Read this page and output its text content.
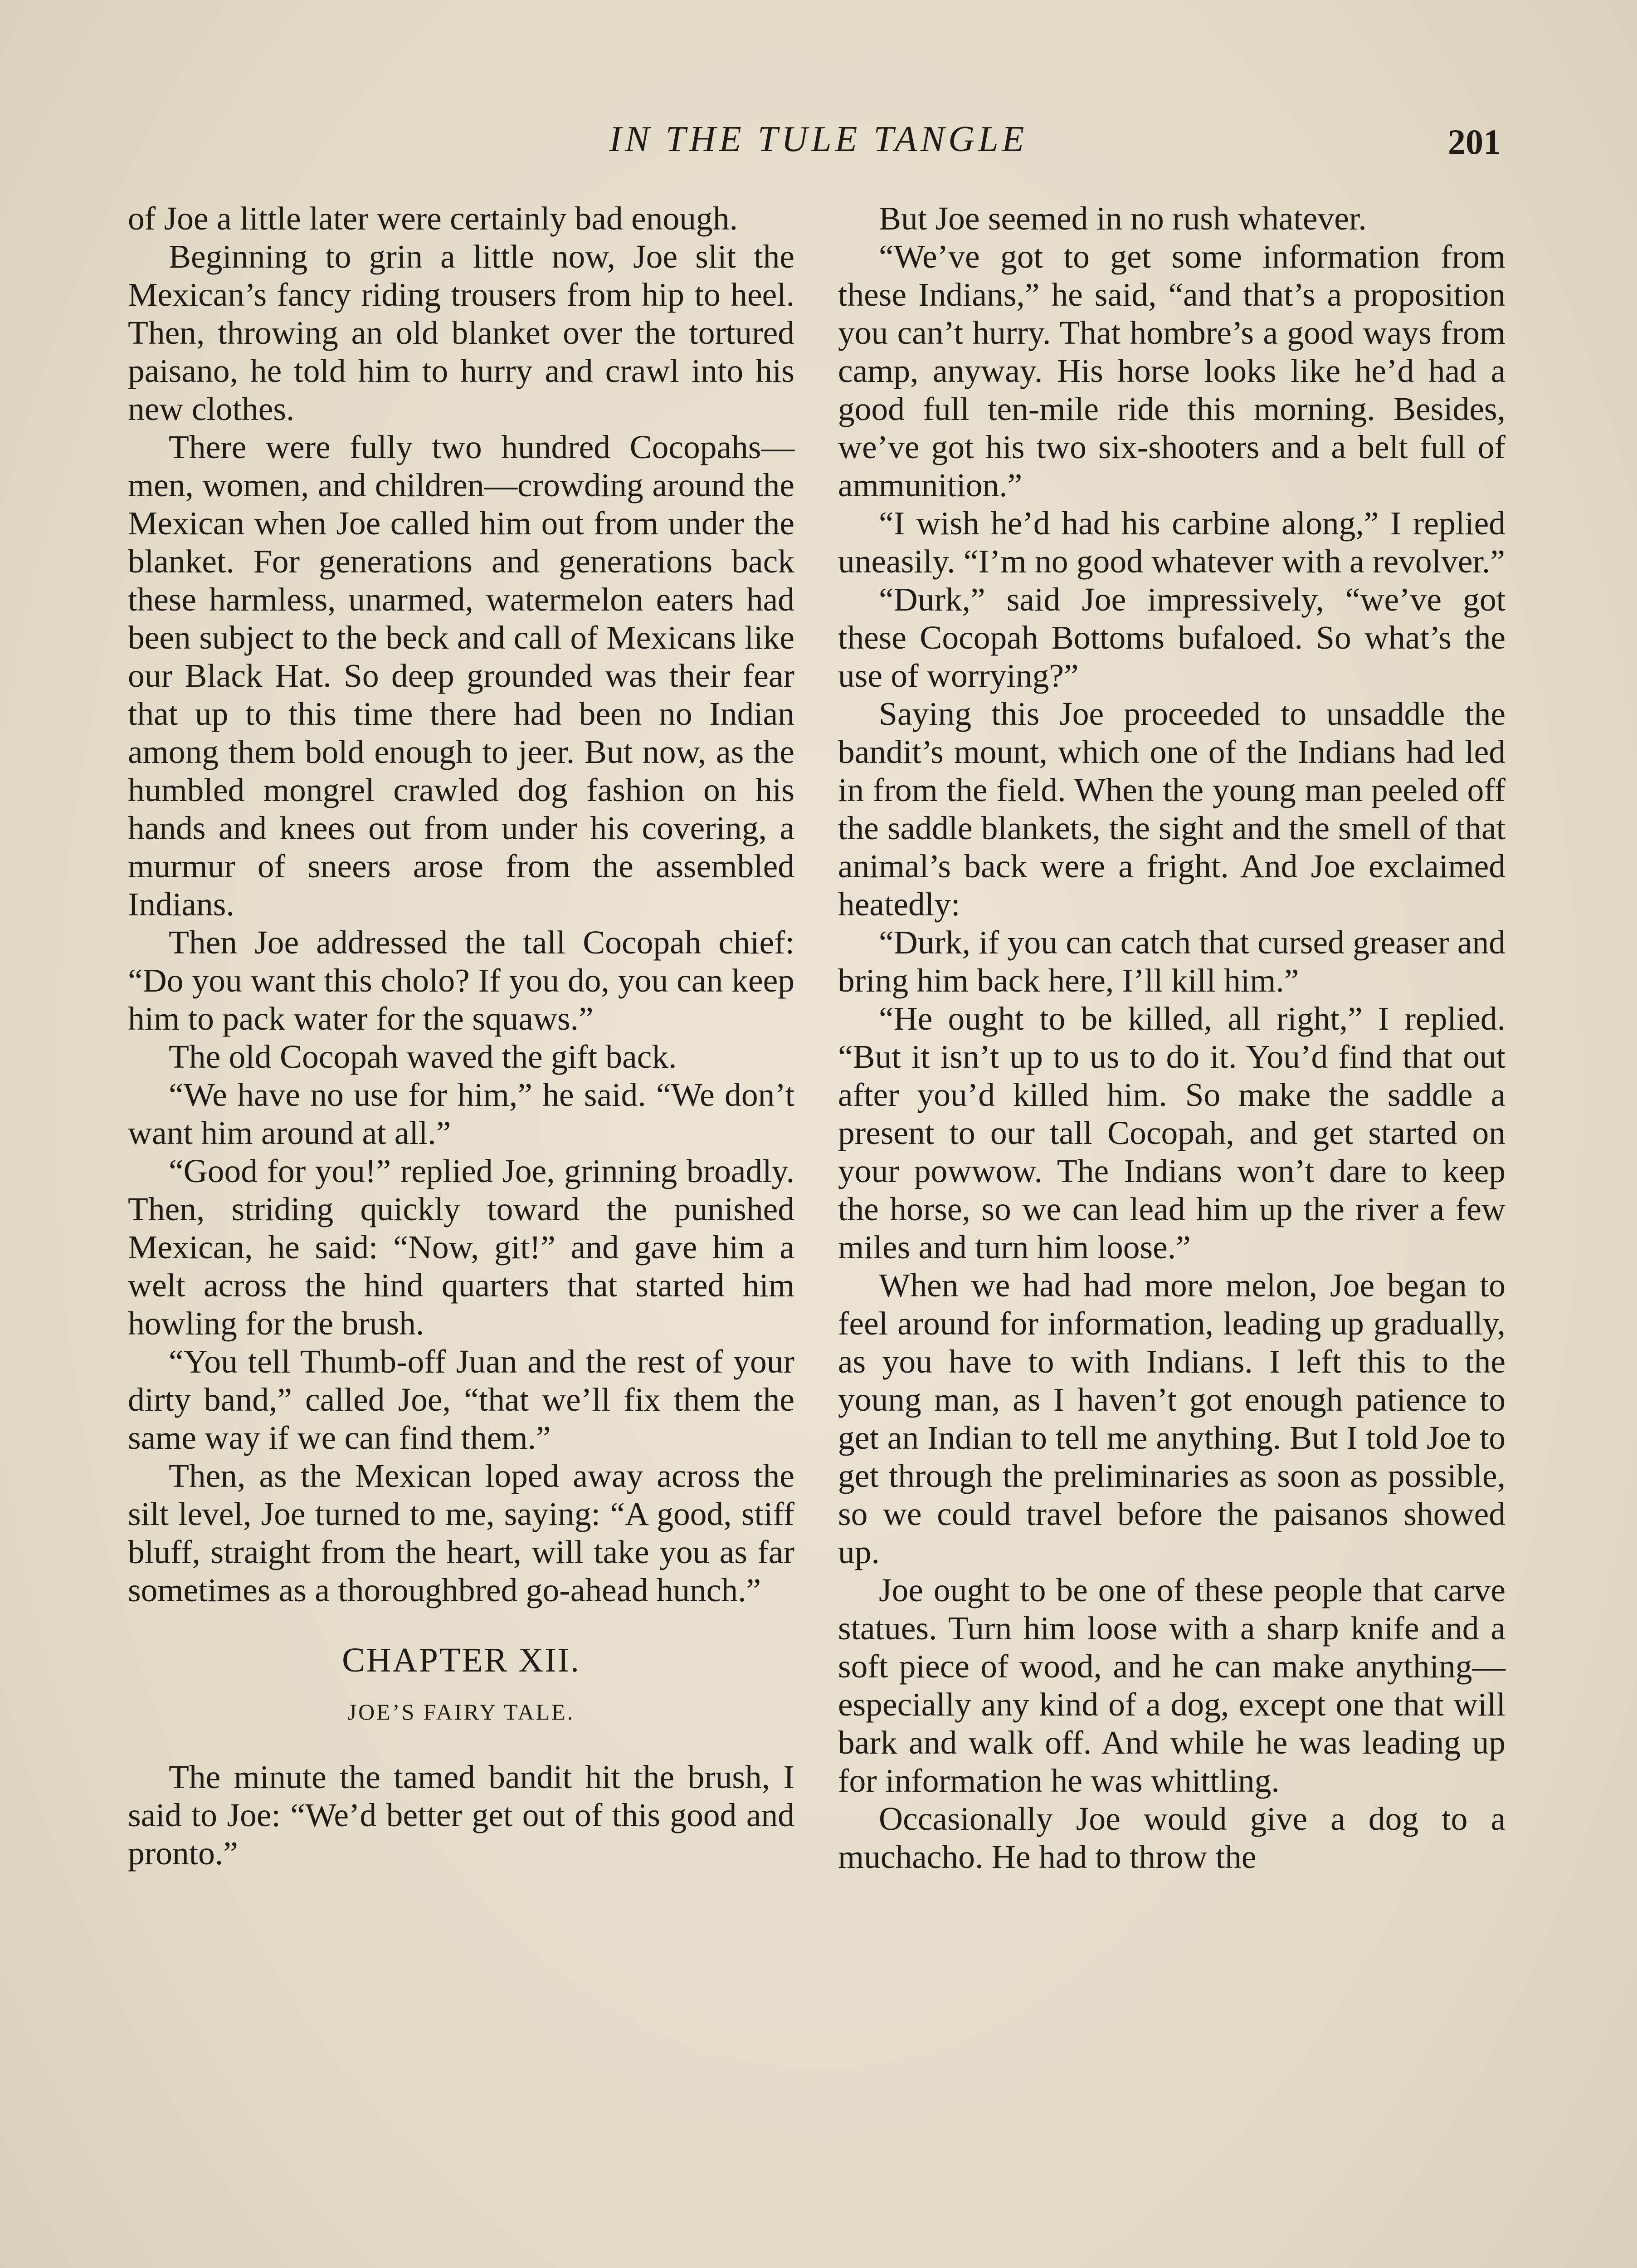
IN THE TULE TANGLE	201

of Joe a little later were certainly bad enough.

Beginning to grin a little now, Joe slit the Mexican’s fancy riding trousers from hip to heel. Then, throwing an old blanket over the tortured paisano, he told him to hurry and crawl into his new clothes.

There were fully two hundred Cocopahs—men, women, and children—crowding around the Mexican when Joe called him out from under the blanket. For generations and generations back these harmless, unarmed, watermelon eaters had been subject to the beck and call of Mexicans like our Black Hat. So deep grounded was their fear that up to this time there had been no Indian among them bold enough to jeer. But now, as the humbled mongrel crawled dog fashion on his hands and knees out from under his covering, a murmur of sneers arose from the assembled Indians.

Then Joe addressed the tall Cocopah chief: “Do you want this cholo? If you do, you can keep him to pack water for the squaws.”

The old Cocopah waved the gift back.

“We have no use for him,” he said. “We don’t want him around at all.”

“Good for you!” replied Joe, grinning broadly. Then, striding quickly toward the punished Mexican, he said: “Now, git!” and gave him a welt across the hind quarters that started him howling for the brush.

“You tell Thumb-off Juan and the rest of your dirty band,” called Joe, “that we’ll fix them the same way if we can find them.”

Then, as the Mexican loped away across the silt level, Joe turned to me, saying: “A good, stiff bluff, straight from the heart, will take you as far sometimes as a thoroughbred go-ahead hunch.”

CHAPTER XII.
JOE’S FAIRY TALE.

The minute the tamed bandit hit the brush, I said to Joe: “We’d better get out of this good and pronto.”

But Joe seemed in no rush whatever.

“We’ve got to get some information from these Indians,” he said, “and that’s a proposition you can’t hurry. That hombre’s a good ways from camp, anyway. His horse looks like he’d had a good full ten-mile ride this morning. Besides, we’ve got his two six-shooters and a belt full of ammunition.”

“I wish he’d had his carbine along,” I replied uneasily. “I’m no good whatever with a revolver.”

“Durk,” said Joe impressively, “we’ve got these Cocopah Bottoms bufaloed. So what’s the use of worrying?”

Saying this Joe proceeded to unsaddle the bandit’s mount, which one of the Indians had led in from the field. When the young man peeled off the saddle blankets, the sight and the smell of that animal’s back were a fright. And Joe exclaimed heatedly:

“Durk, if you can catch that cursed greaser and bring him back here, I’ll kill him.”

“He ought to be killed, all right,” I replied. “But it isn’t up to us to do it. You’d find that out after you’d killed him. So make the saddle a present to our tall Cocopah, and get started on your powwow. The Indians won’t dare to keep the horse, so we can lead him up the river a few miles and turn him loose.”

When we had had more melon, Joe began to feel around for information, leading up gradually, as you have to with Indians. I left this to the young man, as I haven’t got enough patience to get an Indian to tell me anything. But I told Joe to get through the preliminaries as soon as possible, so we could travel before the paisanos showed up.

Joe ought to be one of these people that carve statues. Turn him loose with a sharp knife and a soft piece of wood, and he can make anything—especially any kind of a dog, except one that will bark and walk off. And while he was leading up for information he was whittling.

Occasionally Joe would give a dog to a muchacho. He had to throw the
